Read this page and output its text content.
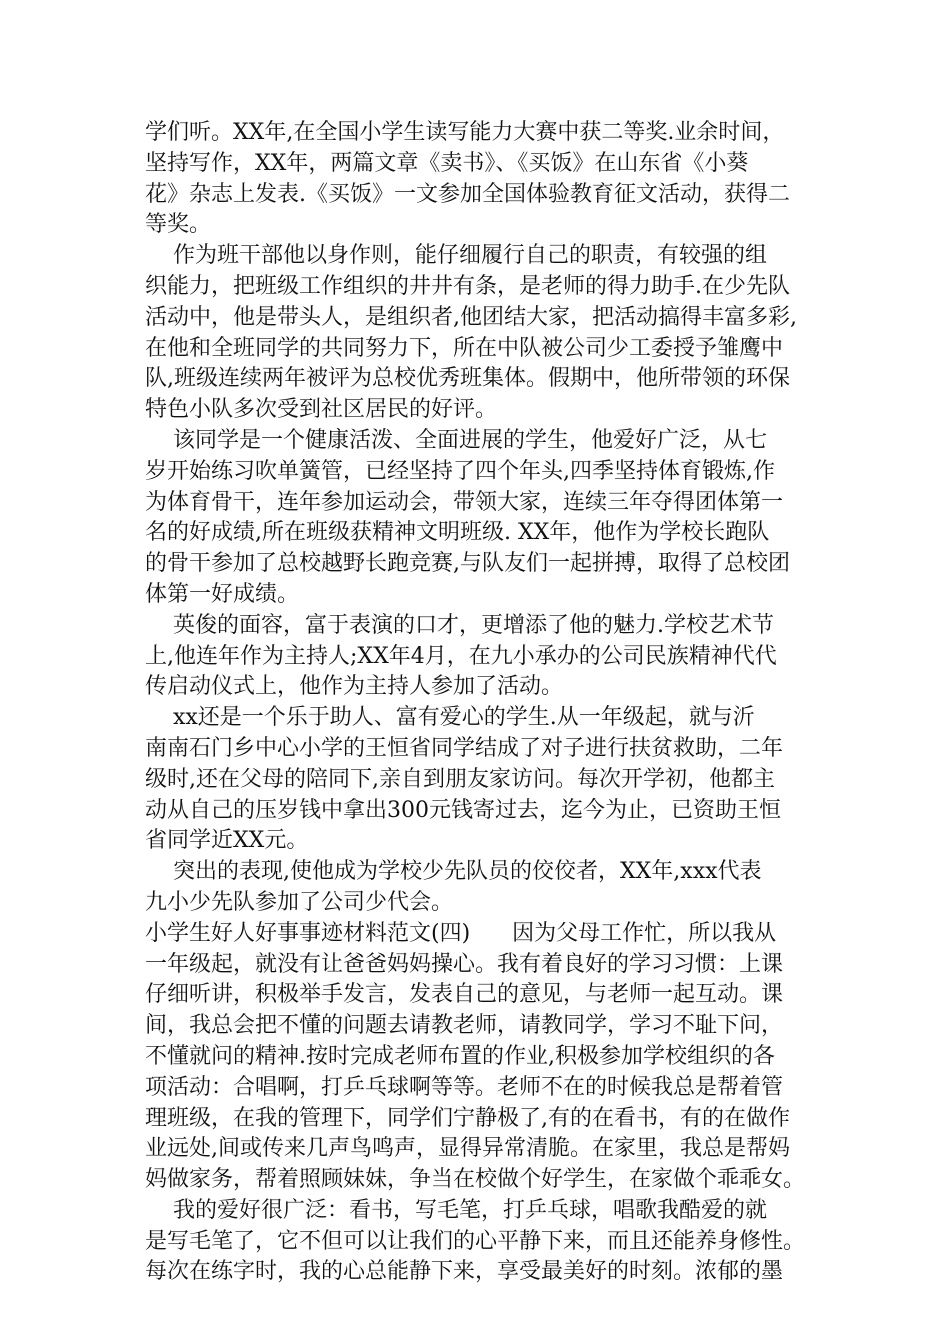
学们听。XX年,在全国小学生读写能力大赛中获二等奖.业余时间，
坚持写作，XX年，两篇文章《卖书》、《买饭》在山东省《小葵
花》杂志上发表.《买饭》一文参加全国体验教育征文活动，获得二
等奖。
作为班干部他以身作则，能仔细履行自己的职责，有较强的组
织能力，把班级工作组织的井井有条，是老师的得力助手.在少先队
活动中，他是带头人，是组织者,他团结大家，把活动搞得丰富多彩,
在他和全班同学的共同努力下，所在中队被公司少工委授予雏鹰中
队,班级连续两年被评为总校优秀班集体。假期中，他所带领的环保
特色小队多次受到社区居民的好评。
该同学是一个健康活泼、全面进展的学生，他爱好广泛，从七
岁开始练习吹单簧管，已经坚持了四个年头,四季坚持体育锻炼,作
为体育骨干，连年参加运动会，带领大家，连续三年夺得团体第一
名的好成绩,所在班级获精神文明班级. XX年，他作为学校长跑队
的骨干参加了总校越野长跑竞赛,与队友们一起拼搏，取得了总校团
体第一好成绩。
英俊的面容，富于表演的口才，更增添了他的魅力.学校艺术节
上,他连年作为主持人;XX年4月，在九小承办的公司民族精神代代
传启动仪式上，他作为主持人参加了活动。
xx还是一个乐于助人、富有爱心的学生.从一年级起，就与沂
南南石门乡中心小学的王恒省同学结成了对子进行扶贫救助，二年
级时,还在父母的陪同下,亲自到朋友家访问。每次开学初，他都主
动从自己的压岁钱中拿出300元钱寄过去，迄今为止，已资助王恒
省同学近XX元。
突出的表现,使他成为学校少先队员的佼佼者，XX年,xxx代表
九小少先队参加了公司少代会。
小学生好人好事事迹材料范文(四)      因为父母工作忙，所以我从
一年级起，就没有让爸爸妈妈操心。我有着良好的学习习惯：上课
仔细听讲，积极举手发言，发表自己的意见，与老师一起互动。课
间，我总会把不懂的问题去请教老师，请教同学，学习不耻下问，
不懂就问的精神.按时完成老师布置的作业,积极参加学校组织的各
项活动：合唱啊，打乒乓球啊等等。老师不在的时候我总是帮着管
理班级，在我的管理下，同学们宁静极了,有的在看书，有的在做作
业远处,间或传来几声鸟鸣声，显得异常清脆。在家里，我总是帮妈
妈做家务，帮着照顾妹妹，争当在校做个好学生，在家做个乖乖女。
我的爱好很广泛：看书，写毛笔，打乒乓球，唱歌我酷爱的就
是写毛笔了，它不但可以让我们的心平静下来，而且还能养身修性。
每次在练字时，我的心总能静下来，享受最美好的时刻。浓郁的墨
